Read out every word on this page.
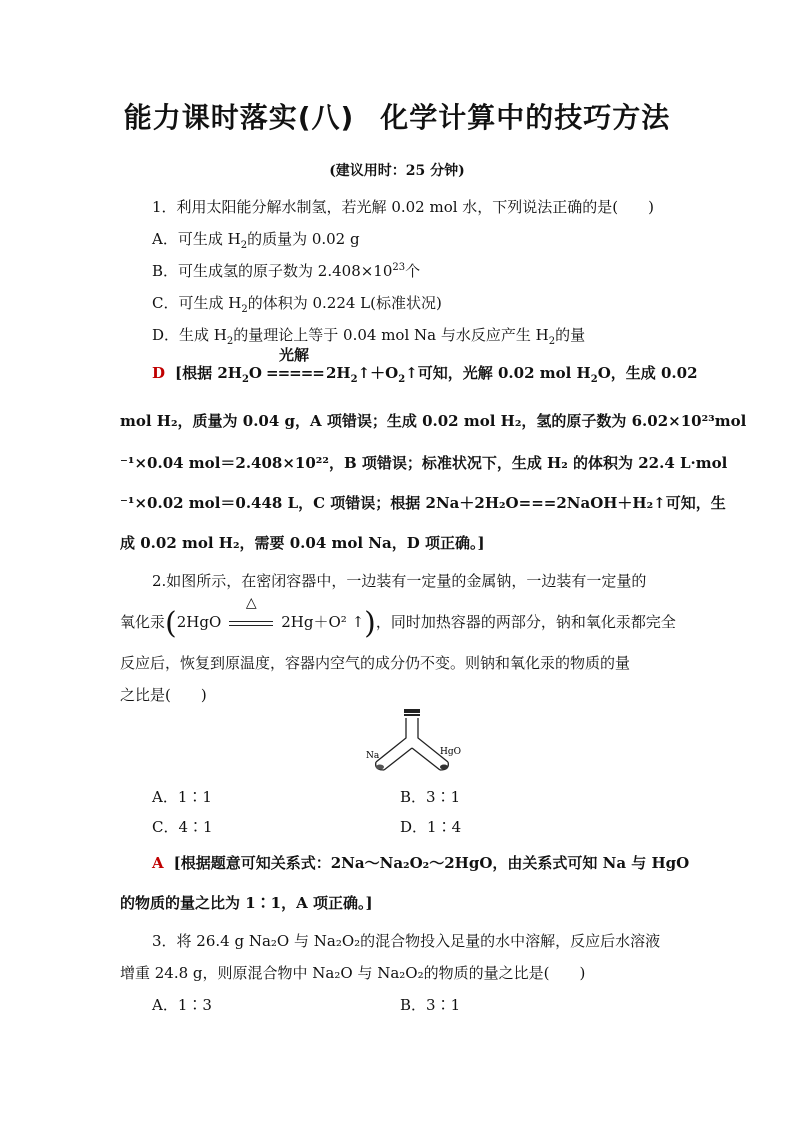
能力课时落实(八) 化学计算中的技巧方法
(建议用时：25 分钟)
1．利用太阳能分解水制氢，若光解 0.02 mol 水，下列说法正确的是(　　)
A．可生成 $H_2$的质量为 0.02 g
B．可生成氢的原子数为 $2.408\times 10^{23}$个
C．可生成 $H_2$的体积为 0.224 L(标准状况)
D．生成 $H_2$的量理论上等于 0.04 mol Na 与水反应产生 $H_2$的量
D [根据 $2H_2O$
光解
===== $2H_2↑+O_2↑$可知，光解 0.02 mol $H_2O$，生成 0.02
mol H₂，质量为 0.04 g，A 项错误；生成 0.02 mol H₂，氢的原子数为 6.02×10²³mol
⁻¹×0.04 mol＝2.408×10²²，B 项错误；标准状况下，生成 H₂ 的体积为 22.4 L·mol
⁻¹×0.02 mol＝0.448 L，C 项错误；根据 2Na＋2H₂O===2NaOH＋H₂↑可知，生
成 0.02 mol H₂，需要 0.04 mol Na，D 项正确。]
2.如图所示，在密闭容器中，一边装有一定量的金属钠，一边装有一定量的
氧化汞(2HgO
△
2Hg＋O² ↑)，同时加热容器的两部分，钠和氧化汞都完全
反应后，恢复到原温度，容器内空气的成分仍不变。则钠和氧化汞的物质的量
之比是(　　)
Na	HgO
A．1∶1	B．3∶1
C．4∶1	D．1∶4
A [根据题意可知关系式：2Na～Na₂O₂～2HgO，由关系式可知 Na 与 HgO
的物质的量之比为 1∶1，A 项正确。]
3．将 26.4 g Na₂O 与 Na₂O₂的混合物投入足量的水中溶解，反应后水溶液
增重 24.8 g，则原混合物中 Na₂O 与 Na₂O₂的物质的量之比是(　　)
A．1∶3	B．3∶1
